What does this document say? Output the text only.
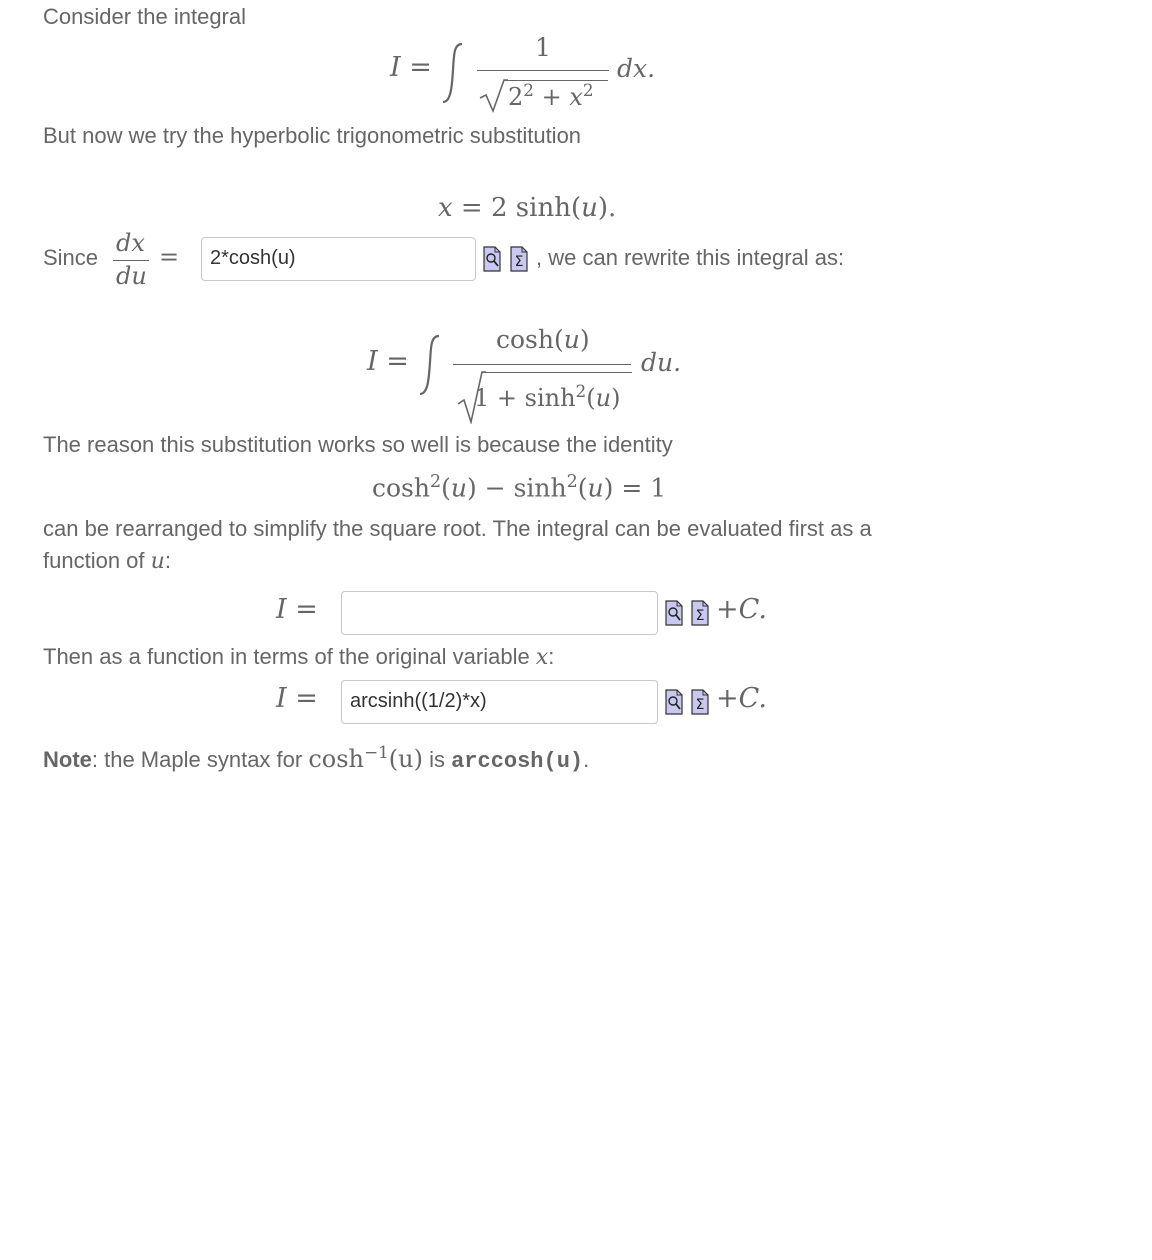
Consider the integral
I =
1
$2^2 + x^2$
dx.
But now we try the hyperbolic trigonometric substitution
x = 2 sinh(u).
Since
dx
du
=	2*cosh(u)	Σ , we can rewrite this integral as:
I =
cosh(u)
$1 + \sinh^2(u)$
du.
The reason this substitution works so well is because the identity
$\cosh^2(u) - \sinh^2(u) = 1$
can be rearranged to simplify the square root. The integral can be evaluated first as a
function of u:
I =	Σ +C.
Then as a function in terms of the original variable x:
I =	arcsinh((1/2)*x)	Σ +C.
Note: the Maple syntax for $\cosh^{-1}(u)$ is arccosh(u).
